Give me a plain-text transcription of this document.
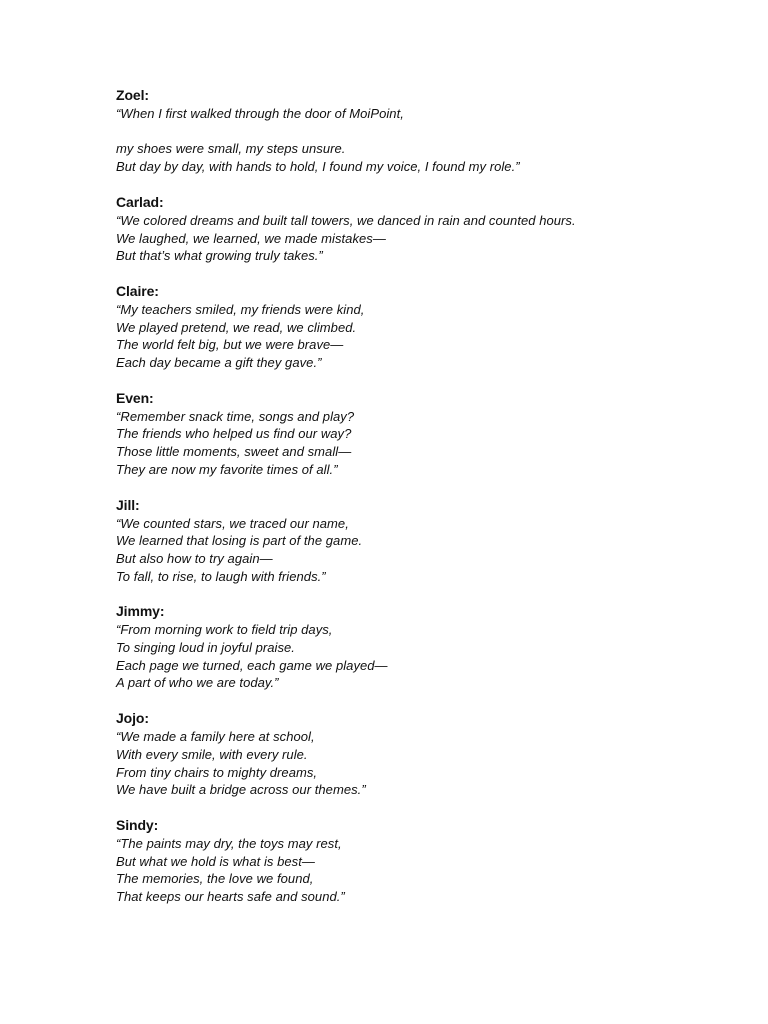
Zoel:
“When I first walked through the door of MoiPoint,
my shoes were small, my steps unsure.
But day by day, with hands to hold, I found my voice, I found my role.”
Carlad:
“We colored dreams and built tall towers, we danced in rain and counted hours.
We laughed, we learned, we made mistakes—
But that’s what growing truly takes.”
Claire:
“My teachers smiled, my friends were kind,
We played pretend, we read, we climbed.
The world felt big, but we were brave—
Each day became a gift they gave.”
Even:
“Remember snack time, songs and play?
The friends who helped us find our way?
Those little moments, sweet and small—
They are now my favorite times of all.”
Jill:
“We counted stars, we traced our name,
We learned that losing is part of the game.
But also how to try again—
To fall, to rise, to laugh with friends.”
Jimmy:
“From morning work to field trip days,
To singing loud in joyful praise.
Each page we turned, each game we played—
A part of who we are today.”
Jojo:
“We made a family here at school,
With every smile, with every rule.
From tiny chairs to mighty dreams,
We have built a bridge across our themes.”
Sindy:
“The paints may dry, the toys may rest,
But what we hold is what is best—
The memories, the love we found,
That keeps our hearts safe and sound.”
